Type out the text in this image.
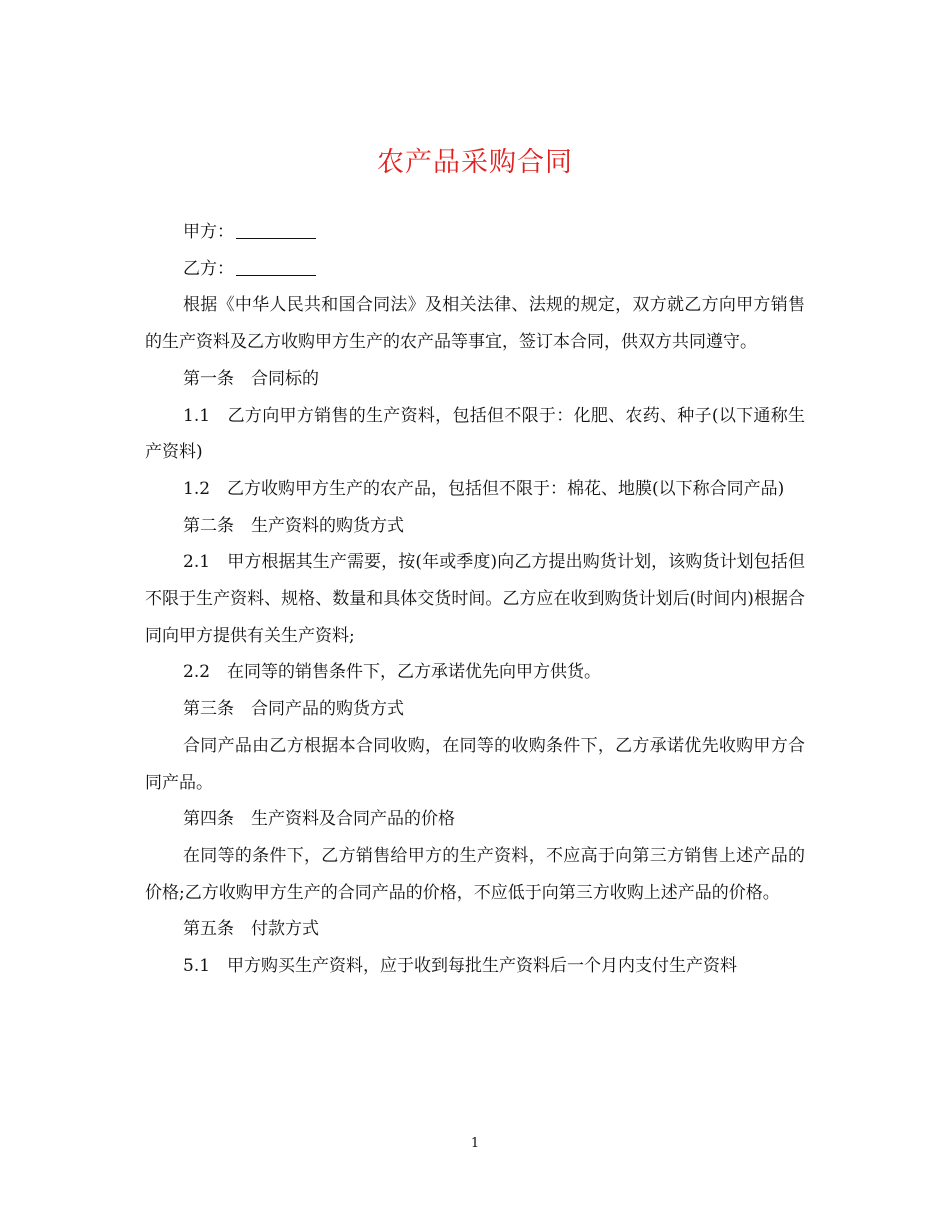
农产品采购合同

甲方：

乙方：

根据《中华人民共和国合同法》及相关法律、法规的规定，双方就乙方向甲方销售的生产资料及乙方收购甲方生产的农产品等事宜，签订本合同，供双方共同遵守。

第一条　合同标的

1.1　乙方向甲方销售的生产资料，包括但不限于：化肥、农药、种子(以下通称生产资料)

1.2　乙方收购甲方生产的农产品，包括但不限于：棉花、地膜(以下称合同产品)

第二条　生产资料的购货方式

2.1　甲方根据其生产需要，按(年或季度)向乙方提出购货计划，该购货计划包括但不限于生产资料、规格、数量和具体交货时间。乙方应在收到购货计划后(时间内)根据合同向甲方提供有关生产资料;

2.2　在同等的销售条件下，乙方承诺优先向甲方供货。

第三条　合同产品的购货方式

合同产品由乙方根据本合同收购，在同等的收购条件下，乙方承诺优先收购甲方合同产品。

第四条　生产资料及合同产品的价格

在同等的条件下，乙方销售给甲方的生产资料，不应高于向第三方销售上述产品的价格;乙方收购甲方生产的合同产品的价格，不应低于向第三方收购上述产品的价格。

第五条　付款方式

5.1　甲方购买生产资料，应于收到每批生产资料后一个月内支付生产资料

1
